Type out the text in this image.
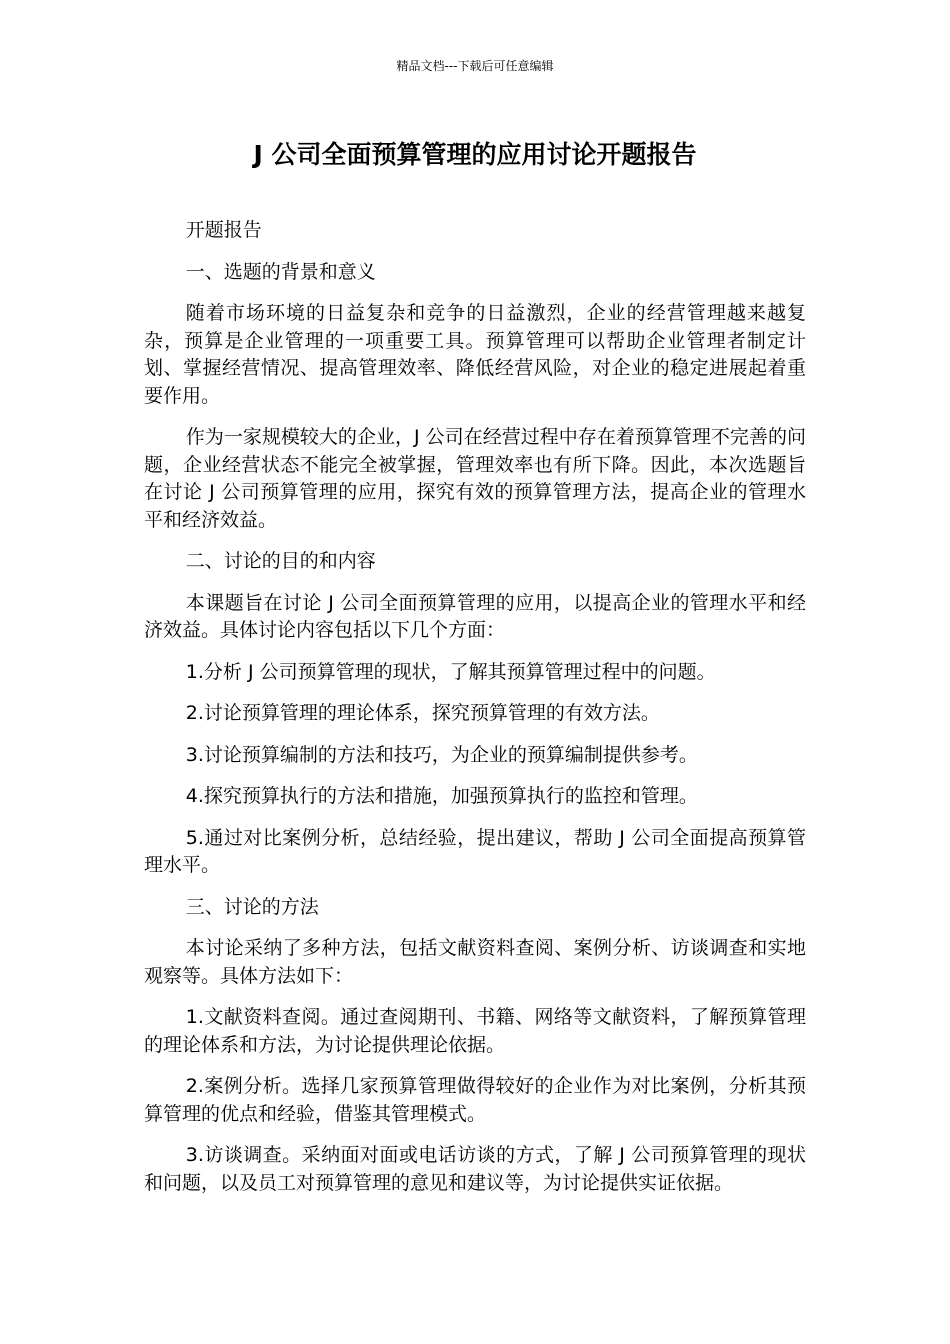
精品文档---下载后可任意编辑
J 公司全面预算管理的应用讨论开题报告

开题报告

一、选题的背景和意义

随着市场环境的日益复杂和竞争的日益激烈，企业的经营管理越来越复杂，预算是企业管理的一项重要工具。预算管理可以帮助企业管理者制定计划、掌握经营情况、提高管理效率、降低经营风险，对企业的稳定进展起着重要作用。

作为一家规模较大的企业，J 公司在经营过程中存在着预算管理不完善的问题，企业经营状态不能完全被掌握，管理效率也有所下降。因此，本次选题旨在讨论 J 公司预算管理的应用，探究有效的预算管理方法，提高企业的管理水平和经济效益。

二、讨论的目的和内容

本课题旨在讨论 J 公司全面预算管理的应用，以提高企业的管理水平和经济效益。具体讨论内容包括以下几个方面：

1.分析 J 公司预算管理的现状，了解其预算管理过程中的问题。

2.讨论预算管理的理论体系，探究预算管理的有效方法。

3.讨论预算编制的方法和技巧，为企业的预算编制提供参考。

4.探究预算执行的方法和措施，加强预算执行的监控和管理。

5.通过对比案例分析，总结经验，提出建议，帮助 J 公司全面提高预算管理水平。

三、讨论的方法

本讨论采纳了多种方法，包括文献资料查阅、案例分析、访谈调查和实地观察等。具体方法如下：

1.文献资料查阅。通过查阅期刊、书籍、网络等文献资料，了解预算管理的理论体系和方法，为讨论提供理论依据。

2.案例分析。选择几家预算管理做得较好的企业作为对比案例，分析其预算管理的优点和经验，借鉴其管理模式。

3.访谈调查。采纳面对面或电话访谈的方式，了解 J 公司预算管理的现状和问题，以及员工对预算管理的意见和建议等，为讨论提供实证依据。
